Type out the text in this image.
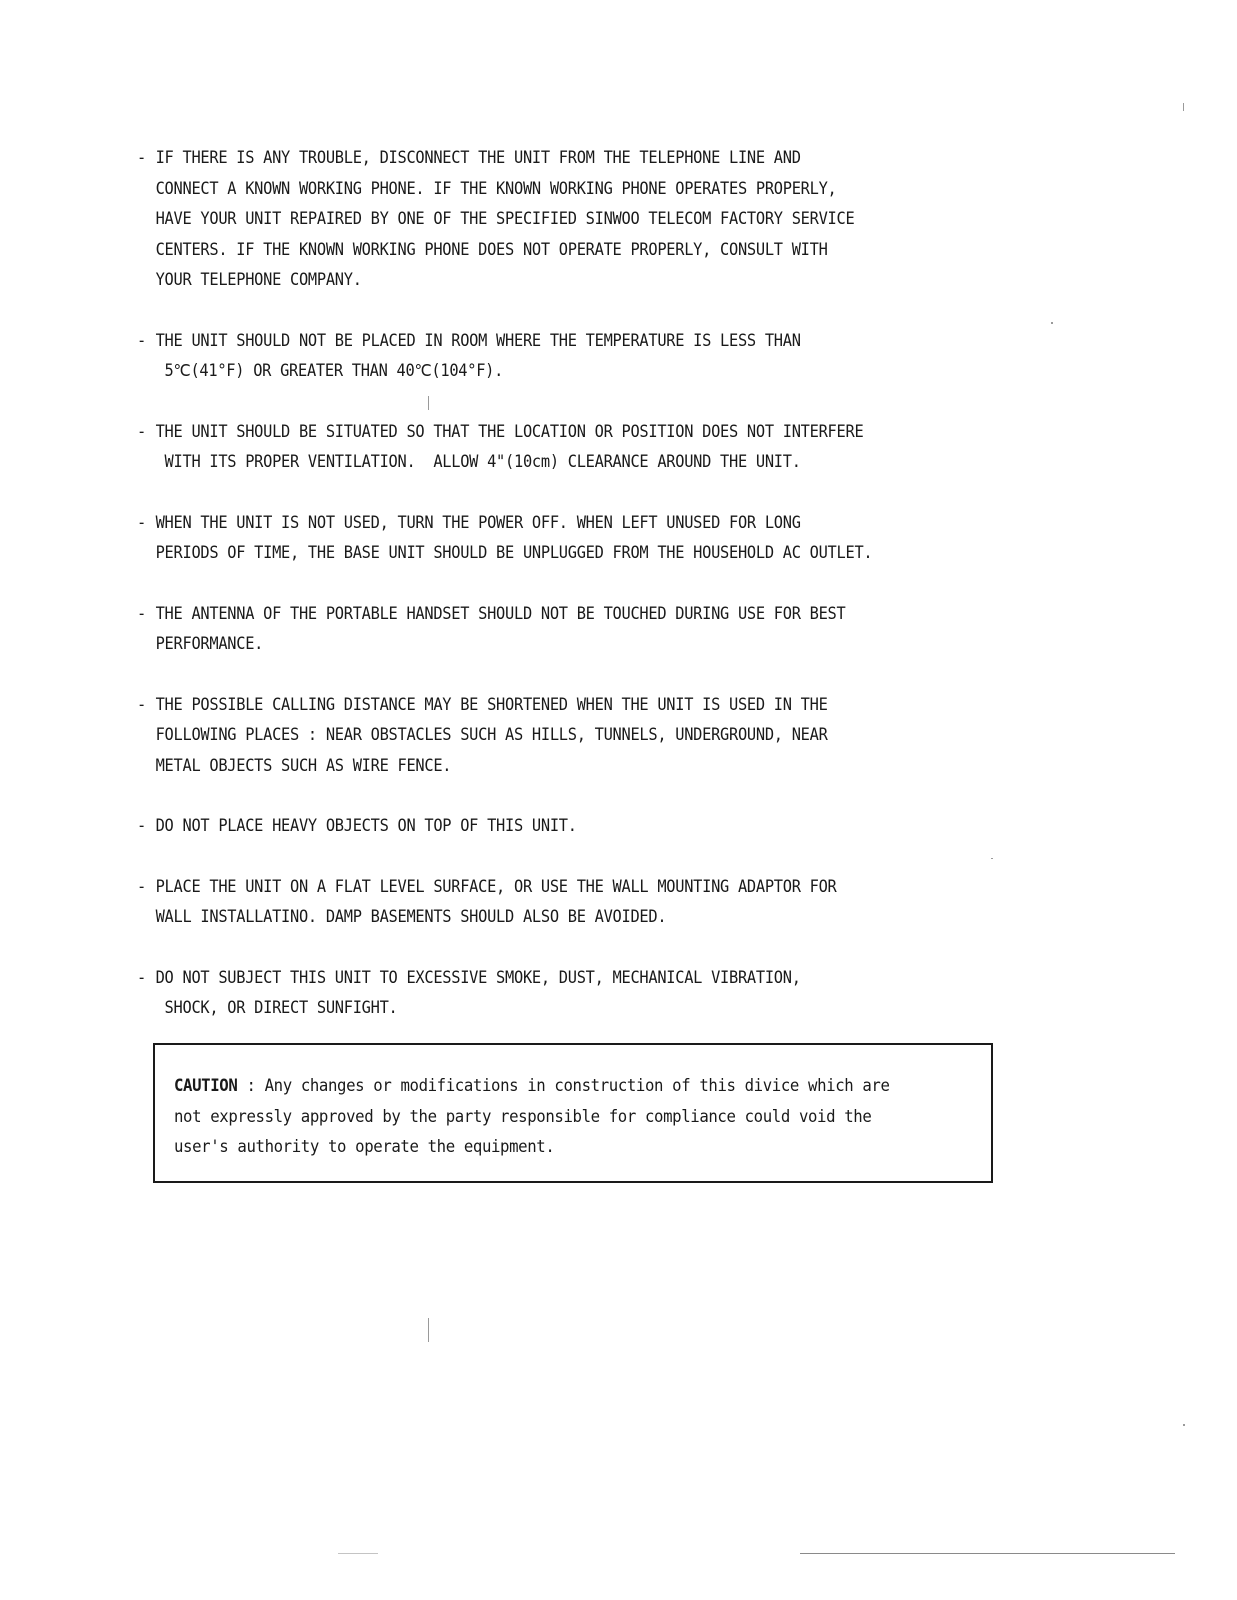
- IF THERE IS ANY TROUBLE, DISCONNECT THE UNIT FROM THE TELEPHONE LINE AND
CONNECT A KNOWN WORKING PHONE. IF THE KNOWN WORKING PHONE OPERATES PROPERLY,
HAVE YOUR UNIT REPAIRED BY ONE OF THE SPECIFIED SINWOO TELECOM FACTORY SERVICE
CENTERS. IF THE KNOWN WORKING PHONE DOES NOT OPERATE PROPERLY, CONSULT WITH
YOUR TELEPHONE COMPANY.
- THE UNIT SHOULD NOT BE PLACED IN ROOM WHERE THE TEMPERATURE IS LESS THAN
5℃(41°F) OR GREATER THAN 40℃(104°F).
- THE UNIT SHOULD BE SITUATED SO THAT THE LOCATION OR POSITION DOES NOT INTERFERE
WITH ITS PROPER VENTILATION.  ALLOW 4"(10cm) CLEARANCE AROUND THE UNIT.
- WHEN THE UNIT IS NOT USED, TURN THE POWER OFF. WHEN LEFT UNUSED FOR LONG
PERIODS OF TIME, THE BASE UNIT SHOULD BE UNPLUGGED FROM THE HOUSEHOLD AC OUTLET.
- THE ANTENNA OF THE PORTABLE HANDSET SHOULD NOT BE TOUCHED DURING USE FOR BEST
PERFORMANCE.
- THE POSSIBLE CALLING DISTANCE MAY BE SHORTENED WHEN THE UNIT IS USED IN THE
FOLLOWING PLACES : NEAR OBSTACLES SUCH AS HILLS, TUNNELS, UNDERGROUND, NEAR
METAL OBJECTS SUCH AS WIRE FENCE.
- DO NOT PLACE HEAVY OBJECTS ON TOP OF THIS UNIT.
- PLACE THE UNIT ON A FLAT LEVEL SURFACE, OR USE THE WALL MOUNTING ADAPTOR FOR
WALL INSTALLATINO. DAMP BASEMENTS SHOULD ALSO BE AVOIDED.
- DO NOT SUBJECT THIS UNIT TO EXCESSIVE SMOKE, DUST, MECHANICAL VIBRATION,
SHOCK, OR DIRECT SUNFIGHT.
CAUTION : Any changes or modifications in construction of this divice which are
not expressly approved by the party responsible for compliance could void the
user's authority to operate the equipment.
